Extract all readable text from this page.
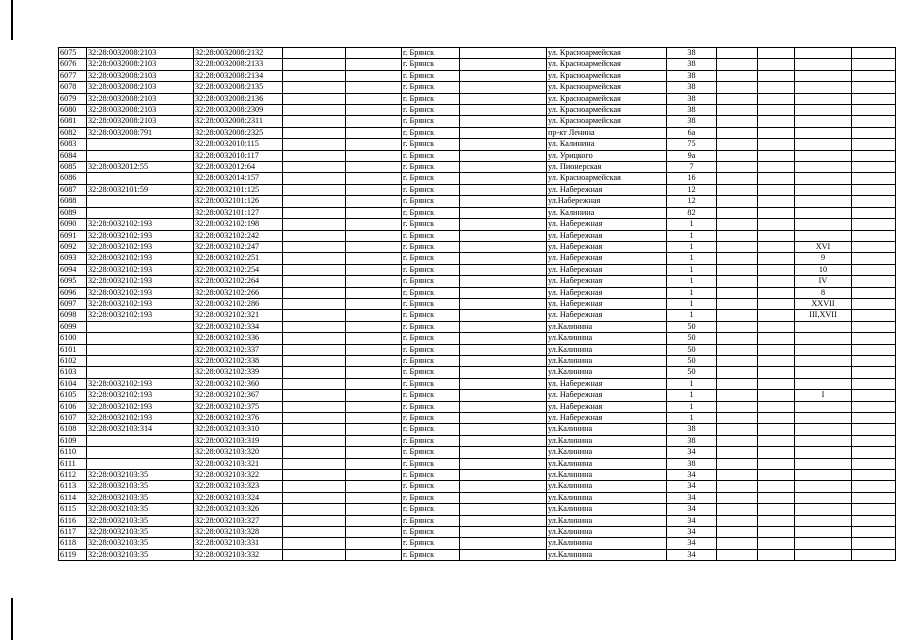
6075	32:28:0032008:2103	32:28:0032008:2132			г. Брянск		ул. Красноармейская	38				
6076	32:28:0032008:2103	32:28:0032008:2133			г. Брянск		ул. Красноармейская	38				
6077	32:28:0032008:2103	32:28:0032008:2134			г. Брянск		ул. Красноармейская	38				
6078	32:28:0032008:2103	32:28:0032008:2135			г. Брянск		ул. Красноармейская	38				
6079	32:28:0032008:2103	32:28:0032008:2136			г. Брянск		ул. Красноармейская	38				
6080	32:28:0032008:2103	32:28:0032008:2309			г. Брянск		ул. Красноармейская	38				
6081	32:28:0032008:2103	32:28:0032008:2311			г. Брянск		ул. Красноармейская	38				
6082	32:28:0032008:791	32:28:0032008:2325			г. Брянск		пр-кт Ленина	6а				
6083		32:28:0032010:115			г. Брянск		ул. Калинина	75				
6084		32:28:0032010:117			г. Брянск		ул. Урицкого	9а				
6085	32:28:0032012:55	32:28:0032012:64			г. Брянск		ул. Пионерская	7				
6086		32:28:0032014:157			г. Брянск		ул. Красноармейская	16				
6087	32:28:0032101:59	32:28:0032101:125			г. Брянск		ул. Набережная	12				
6088		32:28:0032101:126			г. Брянск		ул.Набережная	12				
6089		32:28:0032101:127			г. Брянск		ул. Калинина	82				
6090	32:28:0032102:193	32:28:0032102:198			г. Брянск		ул. Набережная	1				
6091	32:28:0032102:193	32:28:0032102:242			г. Брянск		ул. Набережная	1				
6092	32:28:0032102:193	32:28:0032102:247			г. Брянск		ул. Набережная	1			XVI	
6093	32:28:0032102:193	32:28:0032102:251			г. Брянск		ул. Набережная	1			9	
6094	32:28:0032102:193	32:28:0032102:254			г. Брянск		ул. Набережная	1			10	
6095	32:28:0032102:193	32:28:0032102:264			г. Брянск		ул. Набережная	1			IV	
6096	32:28:0032102:193	32:28:0032102:266			г. Брянск		ул. Набережная	1			8	
6097	32:28:0032102:193	32:28:0032102:286			г. Брянск		ул. Набережная	1			XXVII	
6098	32:28:0032102:193	32:28:0032102:321			г. Брянск		ул. Набережная	1			III,XVII	
6099		32:28:0032102:334			г. Брянск		ул.Калинина	50				
6100		32:28:0032102:336			г. Брянск		ул.Калинина	50				
6101		32:28:0032102:337			г. Брянск		ул.Калинина	50				
6102		32:28:0032102:338			г. Брянск		ул.Калинина	50				
6103		32:28:0032102:339			г. Брянск		ул.Калинина	50				
6104	32:28:0032102:193	32:28:0032102:360			г. Брянск		ул. Набережная	1				
6105	32:28:0032102:193	32:28:0032102:367			г. Брянск		ул. Набережная	1			I	
6106	32:28:0032102:193	32:28:0032102:375			г. Брянск		ул. Набережная	1				
6107	32:28:0032102:193	32:28:0032102:376			г. Брянск		ул. Набережная	1				
6108	32:28:0032103:314	32:28:0032103:310			г. Брянск		ул.Калинина	38				
6109		32:28:0032103:319			г. Брянск		ул.Калинина	38				
6110		32:28:0032103:320			г. Брянск		ул.Калинина	34				
6111		32:28:0032103:321			г. Брянск		ул.Калинина	38				
6112	32:28:0032103:35	32:28:0032103:322			г. Брянск		ул.Калинина	34				
6113	32:28:0032103:35	32:28:0032103:323			г. Брянск		ул.Калинина	34				
6114	32:28:0032103:35	32:28:0032103:324			г. Брянск		ул.Калинина	34				
6115	32:28:0032103:35	32:28:0032103:326			г. Брянск		ул.Калинина	34				
6116	32:28:0032103:35	32:28:0032103:327			г. Брянск		ул.Калинина	34				
6117	32:28:0032103:35	32:28:0032103:328			г. Брянск		ул.Калинина	34				
6118	32:28:0032103:35	32:28:0032103:331			г. Брянск		ул.Калинина	34				
6119	32:28:0032103:35	32:28:0032103:332			г. Брянск		ул.Калинина	34				
